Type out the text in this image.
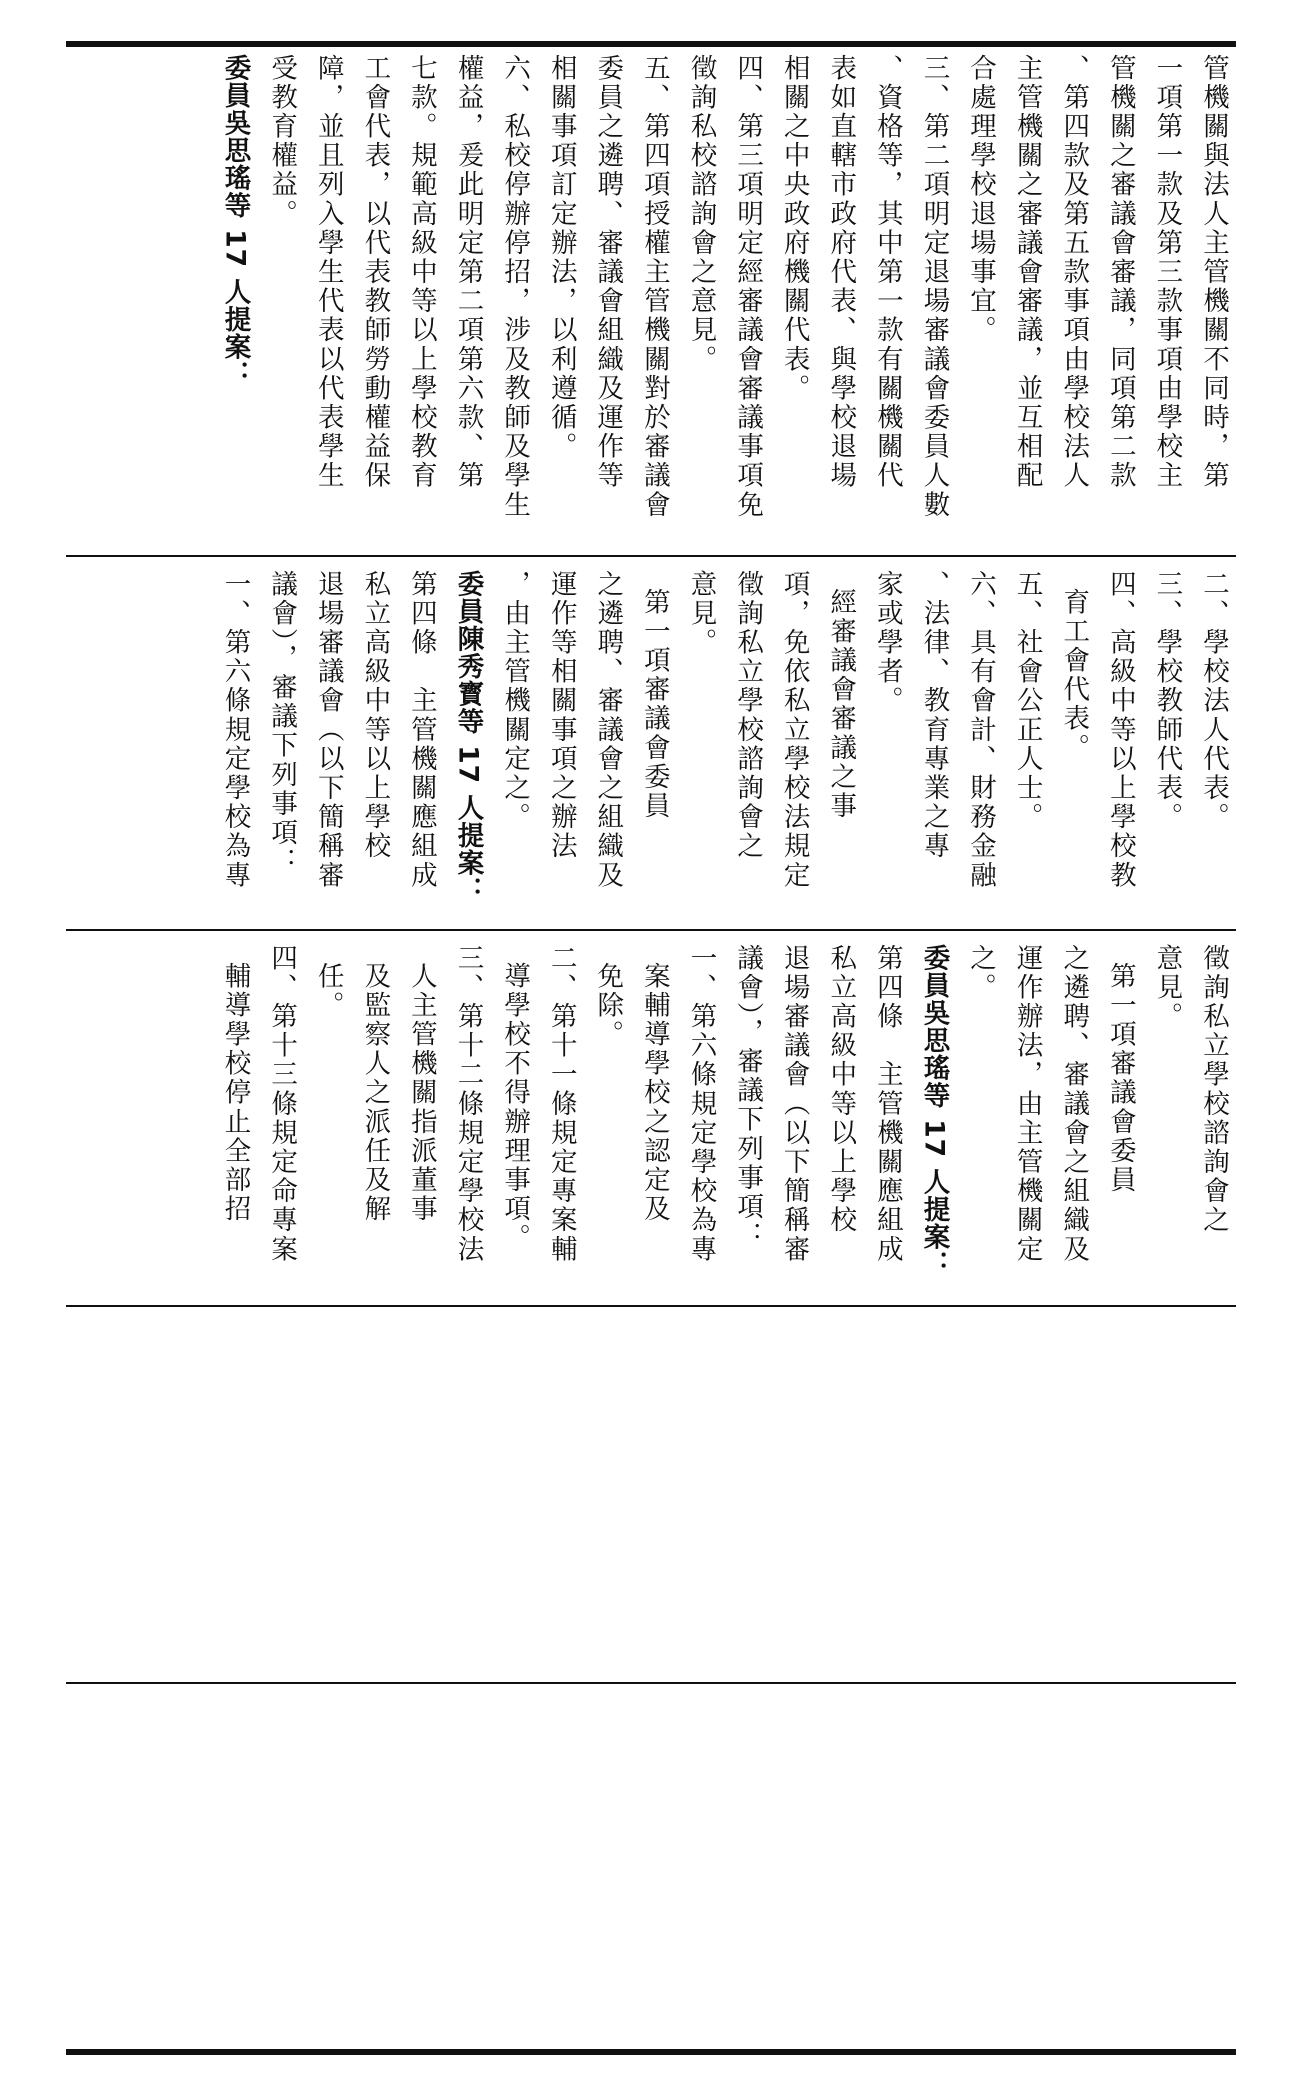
管機關與法人主管機關不同時，第
一項第一款及第三款事項由學校主
管機關之審議會審議，同項第二款
、第四款及第五款事項由學校法人
主管機關之審議會審議，並互相配
合處理學校退場事宜。
三、第二項明定退場審議會委員人數
、資格等，其中第一款有關機關代
表如直轄市政府代表、與學校退場
相關之中央政府機關代表。
四、第三項明定經審議會審議事項免
徵詢私校諮詢會之意見。
五、第四項授權主管機關對於審議會
委員之遴聘、審議會組織及運作等
相關事項訂定辦法，以利遵循。
六、私校停辦停招，涉及教師及學生
權益，爰此明定第二項第六款、第
七款。規範高級中等以上學校教育
工會代表，以代表教師勞動權益保
障，並且列入學生代表以代表學生
受教育權益。
委員吳思瑤等 17 人提案：
二、學校法人代表。
三、學校教師代表。
四、高級中等以上學校教
育工會代表。
五、社會公正人士。
六、具有會計、財務金融
、法律、教育專業之專
家或學者。
經審議會審議之事
項，免依私立學校法規定
徵詢私立學校諮詢會之
意見。
第一項審議會委員
之遴聘、審議會之組織及
運作等相關事項之辦法
，由主管機關定之。
委員陳秀寳等 17 人提案：
第四條　主管機關應組成
私立高級中等以上學校
退場審議會（以下簡稱審
議會），審議下列事項：
一、第六條規定學校為專
徵詢私立學校諮詢會之
意見。
第一項審議會委員
之遴聘、審議會之組織及
運作辦法，由主管機關定
之。
委員吳思瑤等 17 人提案：
第四條　主管機關應組成
私立高級中等以上學校
退場審議會（以下簡稱審
議會），審議下列事項：
一、第六條規定學校為專
案輔導學校之認定及
免除。
二、第十一條規定專案輔
導學校不得辦理事項。
三、第十二條規定學校法
人主管機關指派董事
及監察人之派任及解
任。
四、第十三條規定命專案
輔導學校停止全部招
